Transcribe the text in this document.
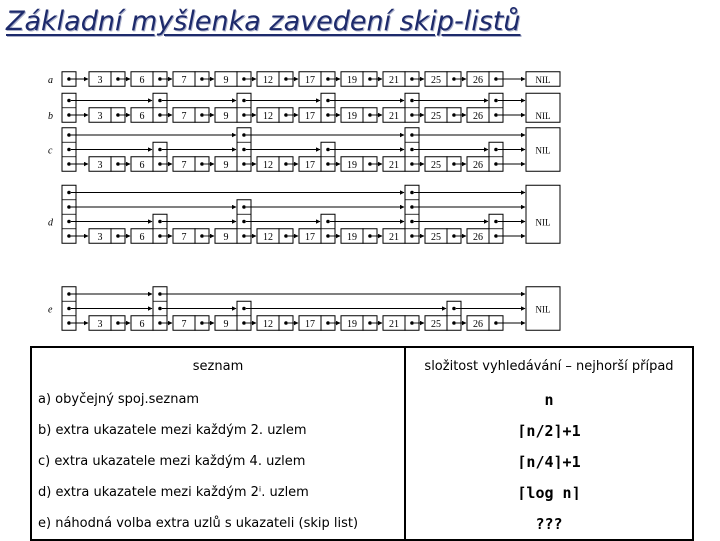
Základní myšlenka zavedení skip-listů
a	3	6	7	9	12	17	19	21	25	26	NIL
b	3	6	7	9	12	17	19	21	25	26	NIL
c
3	6	7	9	12	17	19	21	25	26
NIL
d
3	6	7	9	12	17	19	21	25	26
NIL
e
3	6	7	9	12	17	19	21	25	26
NIL
seznam	složitost vyhledávání – nejhorší případ
a) obyčejný spoj.seznam	n
b) extra ukazatele mezi každým 2. uzlem	⌈n/2⌉+1
c) extra ukazatele mezi každým 4. uzlem	⌈n/4⌉+1
d) extra ukazatele mezi každým 2ⁱ. uzlem	⌈log n⌉
e) náhodná volba extra uzlů s ukazateli (skip list)	???
